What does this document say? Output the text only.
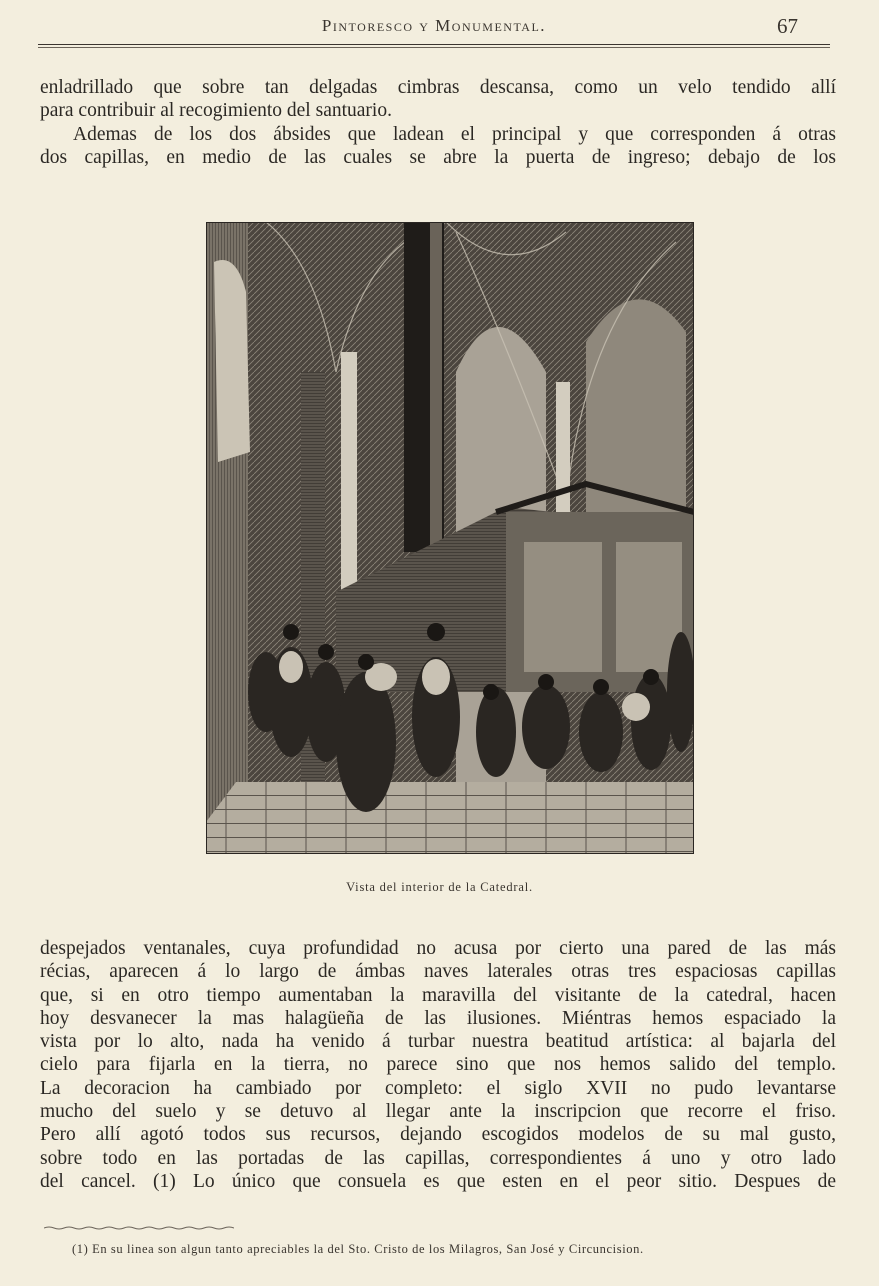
Pintoresco y Monumental.	67
enladrillado que sobre tan delgadas cimbras descansa, como un velo tendido allí
para contribuir al recogimiento del santuario.
Ademas de los dos ábsides que ladean el principal y que corresponden á otras
dos capillas, en medio de las cuales se abre la puerta de ingreso; debajo de los
Vista del interior de la Catedral.
despejados ventanales, cuya profundidad no acusa por cierto una pared de las más
récias, aparecen á lo largo de ámbas naves laterales otras tres espaciosas capillas
que, si en otro tiempo aumentaban la maravilla del visitante de la catedral, hacen
hoy desvanecer la mas halagüeña de las ilusiones. Miéntras hemos espaciado la
vista por lo alto, nada ha venido á turbar nuestra beatitud artística: al bajarla del
cielo para fijarla en la tierra, no parece sino que nos hemos salido del templo.
La decoracion ha cambiado por completo: el siglo XVII no pudo levantarse
mucho del suelo y se detuvo al llegar ante la inscripcion que recorre el friso.
Pero allí agotó todos sus recursos, dejando escogidos modelos de su mal gusto,
sobre todo en las portadas de las capillas, correspondientes á uno y otro lado
del cancel. (1) Lo único que consuela es que esten en el peor sitio. Despues de
(1) En su linea son algun tanto apreciables la del Sto. Cristo de los Milagros, San José y Circuncision.
